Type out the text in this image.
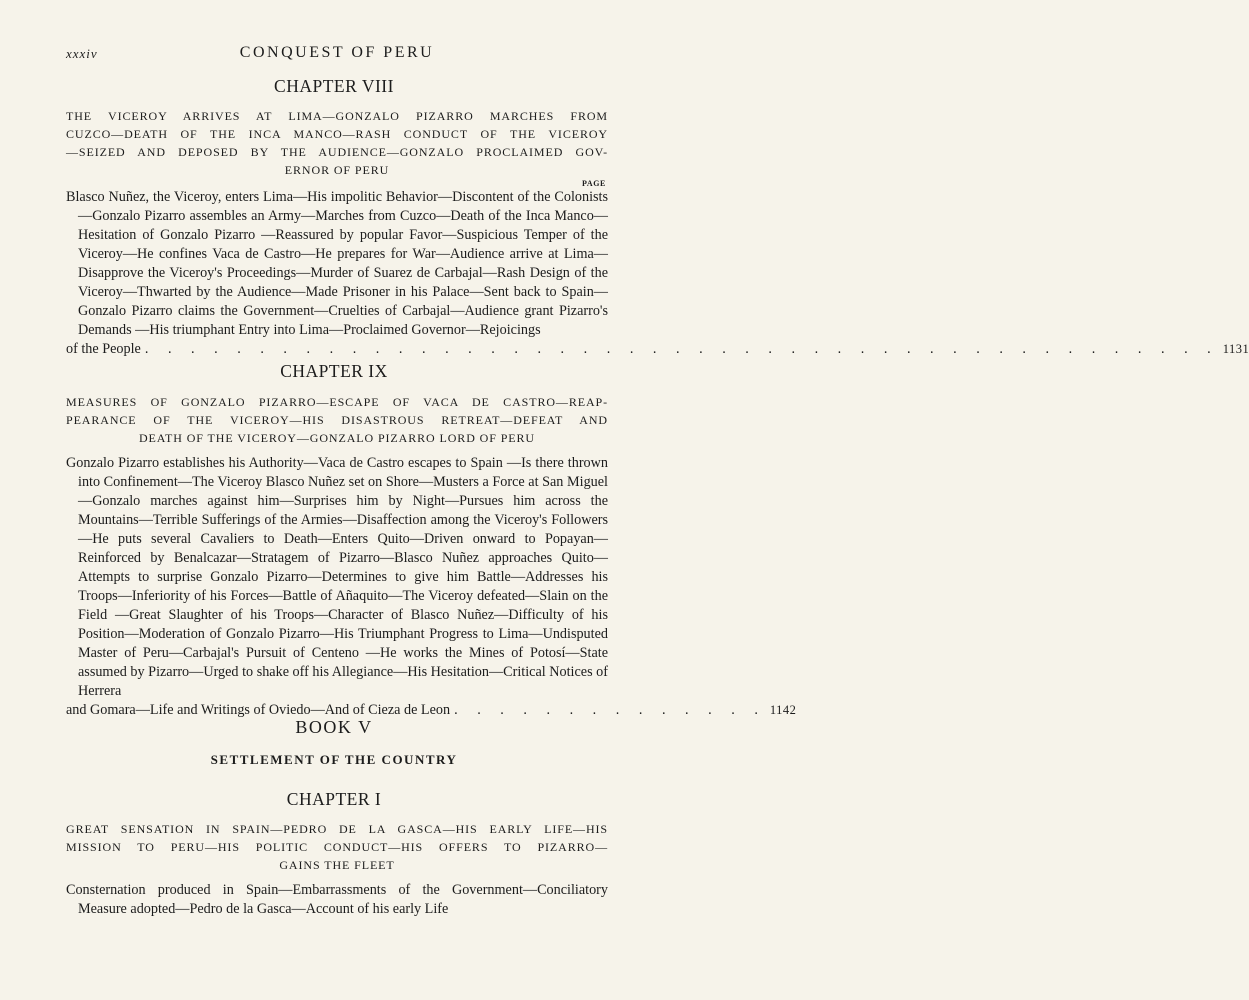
xxxiv	CONQUEST OF PERU
CHAPTER VIII
THE VICEROY ARRIVES AT LIMA—GONZALO PIZARRO MARCHES FROM
CUZCO—DEATH OF THE INCA MANCO—RASH CONDUCT OF THE VICEROY
—SEIZED AND DEPOSED BY THE AUDIENCE—GONZALO PROCLAIMED GOV-
ERNOR OF PERU
PAGE
Blasco Nuñez, the Viceroy, enters Lima—His impolitic Behavior—Discontent of the Colonists—Gonzalo Pizarro assembles an Army—Marches from Cuzco—Death of the Inca Manco—Hesitation of Gonzalo Pizarro —Reassured by popular Favor—Suspicious Temper of the Viceroy—He confines Vaca de Castro—He prepares for War—Audience arrive at Lima—Disapprove the Viceroy's Proceedings—Murder of Suarez de Carbajal—Rash Design of the Viceroy—Thwarted by the Audience—Made Prisoner in his Palace—Sent back to Spain—Gonzalo Pizarro claims the Government—Cruelties of Carbajal—Audience grant Pizarro's Demands —His triumphant Entry into Lima—Proclaimed Governor—Rejoicings
of the People . . . . . . . . . . . . . . . . . . . . . . . . . . . . . . . . . . . . . . . . . . . . . . . 1131
CHAPTER IX
MEASURES OF GONZALO PIZARRO—ESCAPE OF VACA DE CASTRO—REAP-
PEARANCE OF THE VICEROY—HIS DISASTROUS RETREAT—DEFEAT AND
DEATH OF THE VICEROY—GONZALO PIZARRO LORD OF PERU
Gonzalo Pizarro establishes his Authority—Vaca de Castro escapes to Spain —Is there thrown into Confinement—The Viceroy Blasco Nuñez set on Shore—Musters a Force at San Miguel—Gonzalo marches against him—Surprises him by Night—Pursues him across the Mountains—Terrible Sufferings of the Armies—Disaffection among the Viceroy's Followers—He puts several Cavaliers to Death—Enters Quito—Driven onward to Popayan—Reinforced by Benalcazar—Stratagem of Pizarro—Blasco Nuñez approaches Quito—Attempts to surprise Gonzalo Pizarro—Determines to give him Battle—Addresses his Troops—Inferiority of his Forces—Battle of Añaquito—The Viceroy defeated—Slain on the Field —Great Slaughter of his Troops—Character of Blasco Nuñez—Difficulty of his Position—Moderation of Gonzalo Pizarro—His Triumphant Progress to Lima—Undisputed Master of Peru—Carbajal's Pursuit of Centeno —He works the Mines of Potosí—State assumed by Pizarro—Urged to shake off his Allegiance—His Hesitation—Critical Notices of Herrera
and Gomara—Life and Writings of Oviedo—And of Cieza de Leon . . . . . . . . . . . . . . 1142
BOOK V
SETTLEMENT OF THE COUNTRY
CHAPTER I
GREAT SENSATION IN SPAIN—PEDRO DE LA GASCA—HIS EARLY LIFE—HIS
MISSION TO PERU—HIS POLITIC CONDUCT—HIS OFFERS TO PIZARRO—
GAINS THE FLEET
Consternation produced in Spain—Embarrassments of the Government—Conciliatory Measure adopted—Pedro de la Gasca—Account of his early Life
